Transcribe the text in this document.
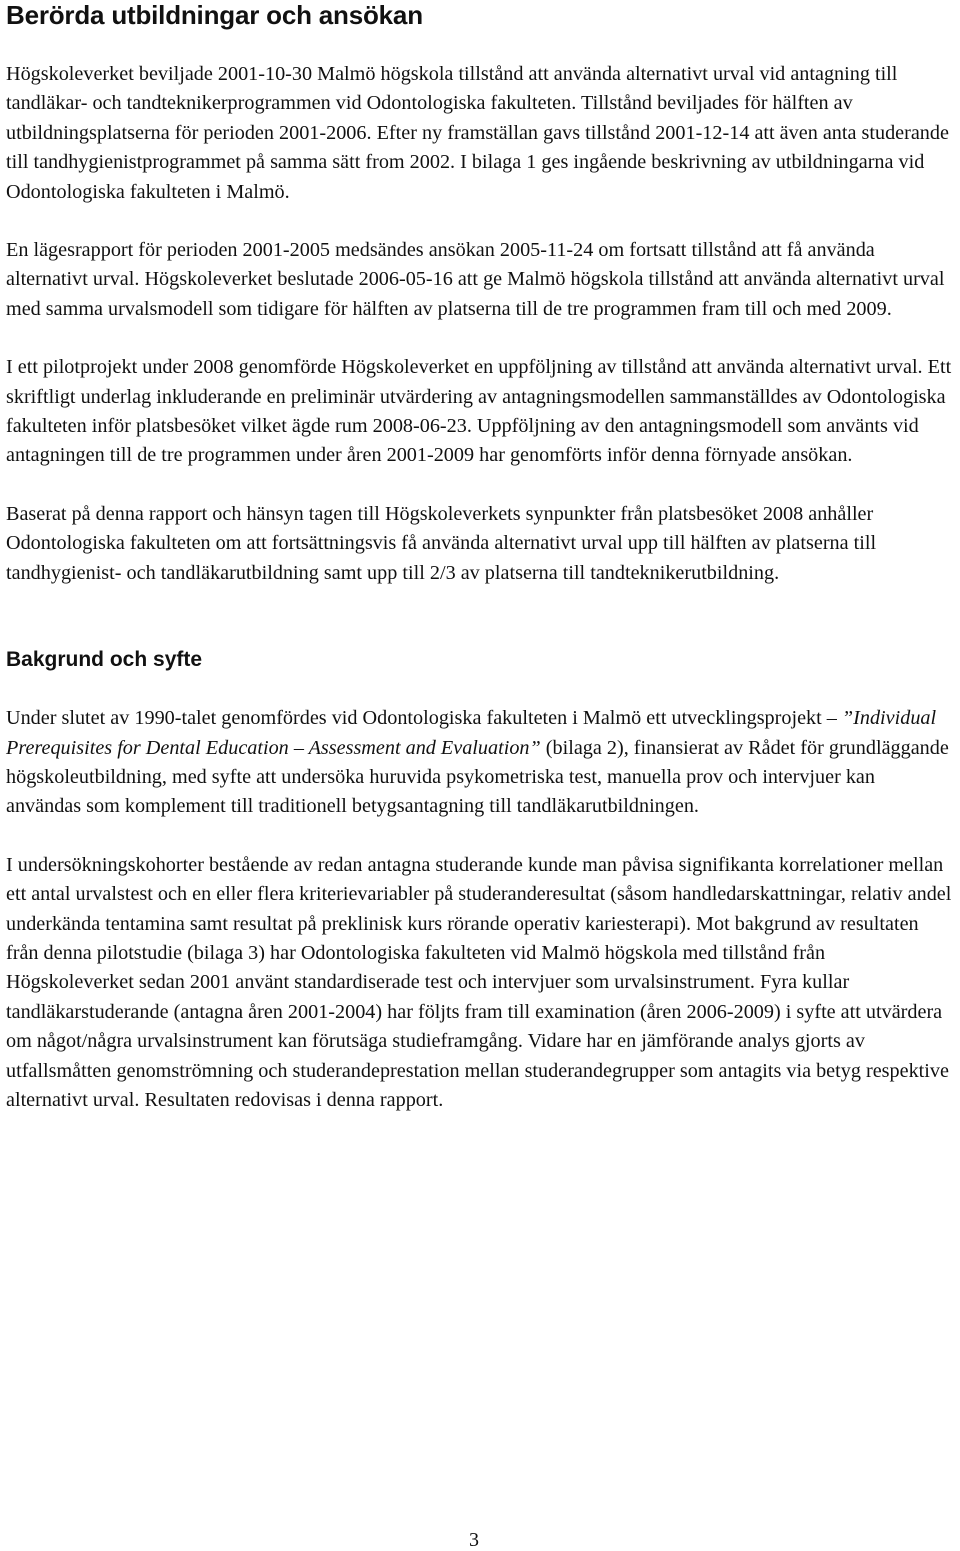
Berörda utbildningar och ansökan

Högskoleverket beviljade 2001-10-30 Malmö högskola tillstånd att använda alternativt urval vid antagning till tandläkar- och tandteknikerprogrammen vid Odontologiska fakulteten. Tillstånd beviljades för hälften av utbildningsplatserna för perioden 2001-2006. Efter ny framställan gavs tillstånd 2001-12-14 att även anta studerande till tandhygienistprogrammet på samma sätt from 2002. I bilaga 1 ges ingående beskrivning av utbildningarna vid Odontologiska fakulteten i Malmö.

En lägesrapport för perioden 2001-2005 medsändes ansökan 2005-11-24 om fortsatt tillstånd att få använda alternativt urval. Högskoleverket beslutade 2006-05-16 att ge Malmö högskola tillstånd att använda alternativt urval med samma urvalsmodell som tidigare för hälften av platserna till de tre programmen fram till och med 2009.

I ett pilotprojekt under 2008 genomförde Högskoleverket en uppföljning av tillstånd att använda alternativt urval. Ett skriftligt underlag inkluderande en preliminär utvärdering av antagningsmodellen sammanställdes av Odontologiska fakulteten inför platsbesöket vilket ägde rum 2008-06-23. Uppföljning av den antagningsmodell som använts vid antagningen till de tre programmen under åren 2001-2009 har genomförts inför denna förnyade ansökan.

Baserat på denna rapport och hänsyn tagen till Högskoleverkets synpunkter från platsbesöket 2008 anhåller Odontologiska fakulteten om att fortsättningsvis få använda alternativt urval upp till hälften av platserna till tandhygienist- och tandläkarutbildning samt upp till 2/3 av platserna till tandteknikerutbildning.

Bakgrund och syfte

Under slutet av 1990-talet genomfördes vid Odontologiska fakulteten i Malmö ett utvecklingsprojekt – ”Individual Prerequisites for Dental Education – Assessment and Evaluation” (bilaga 2), finansierat av Rådet för grundläggande högskoleutbildning, med syfte att undersöka huruvida psykometriska test, manuella prov och intervjuer kan användas som komplement till traditionell betygsantagning till tandläkarutbildningen.

I undersökningskohorter bestående av redan antagna studerande kunde man påvisa signifikanta korrelationer mellan ett antal urvalstest och en eller flera kriterievariabler på studeranderesultat (såsom handledarskattningar, relativ andel underkända tentamina samt resultat på preklinisk kurs rörande operativ kariesterapi). Mot bakgrund av resultaten från denna pilotstudie (bilaga 3) har Odontologiska fakulteten vid Malmö högskola med tillstånd från Högskoleverket sedan 2001 använt standardiserade test och intervjuer som urvalsinstrument. Fyra kullar tandläkarstuderande (antagna åren 2001-2004) har följts fram till examination (åren 2006-2009) i syfte att utvärdera om något/några urvalsinstrument kan förutsäga studieframgång. Vidare har en jämförande analys gjorts av utfallsmåtten genomströmning och studerandeprestation mellan studerandegrupper som antagits via betyg respektive alternativt urval. Resultaten redovisas i denna rapport.

3
